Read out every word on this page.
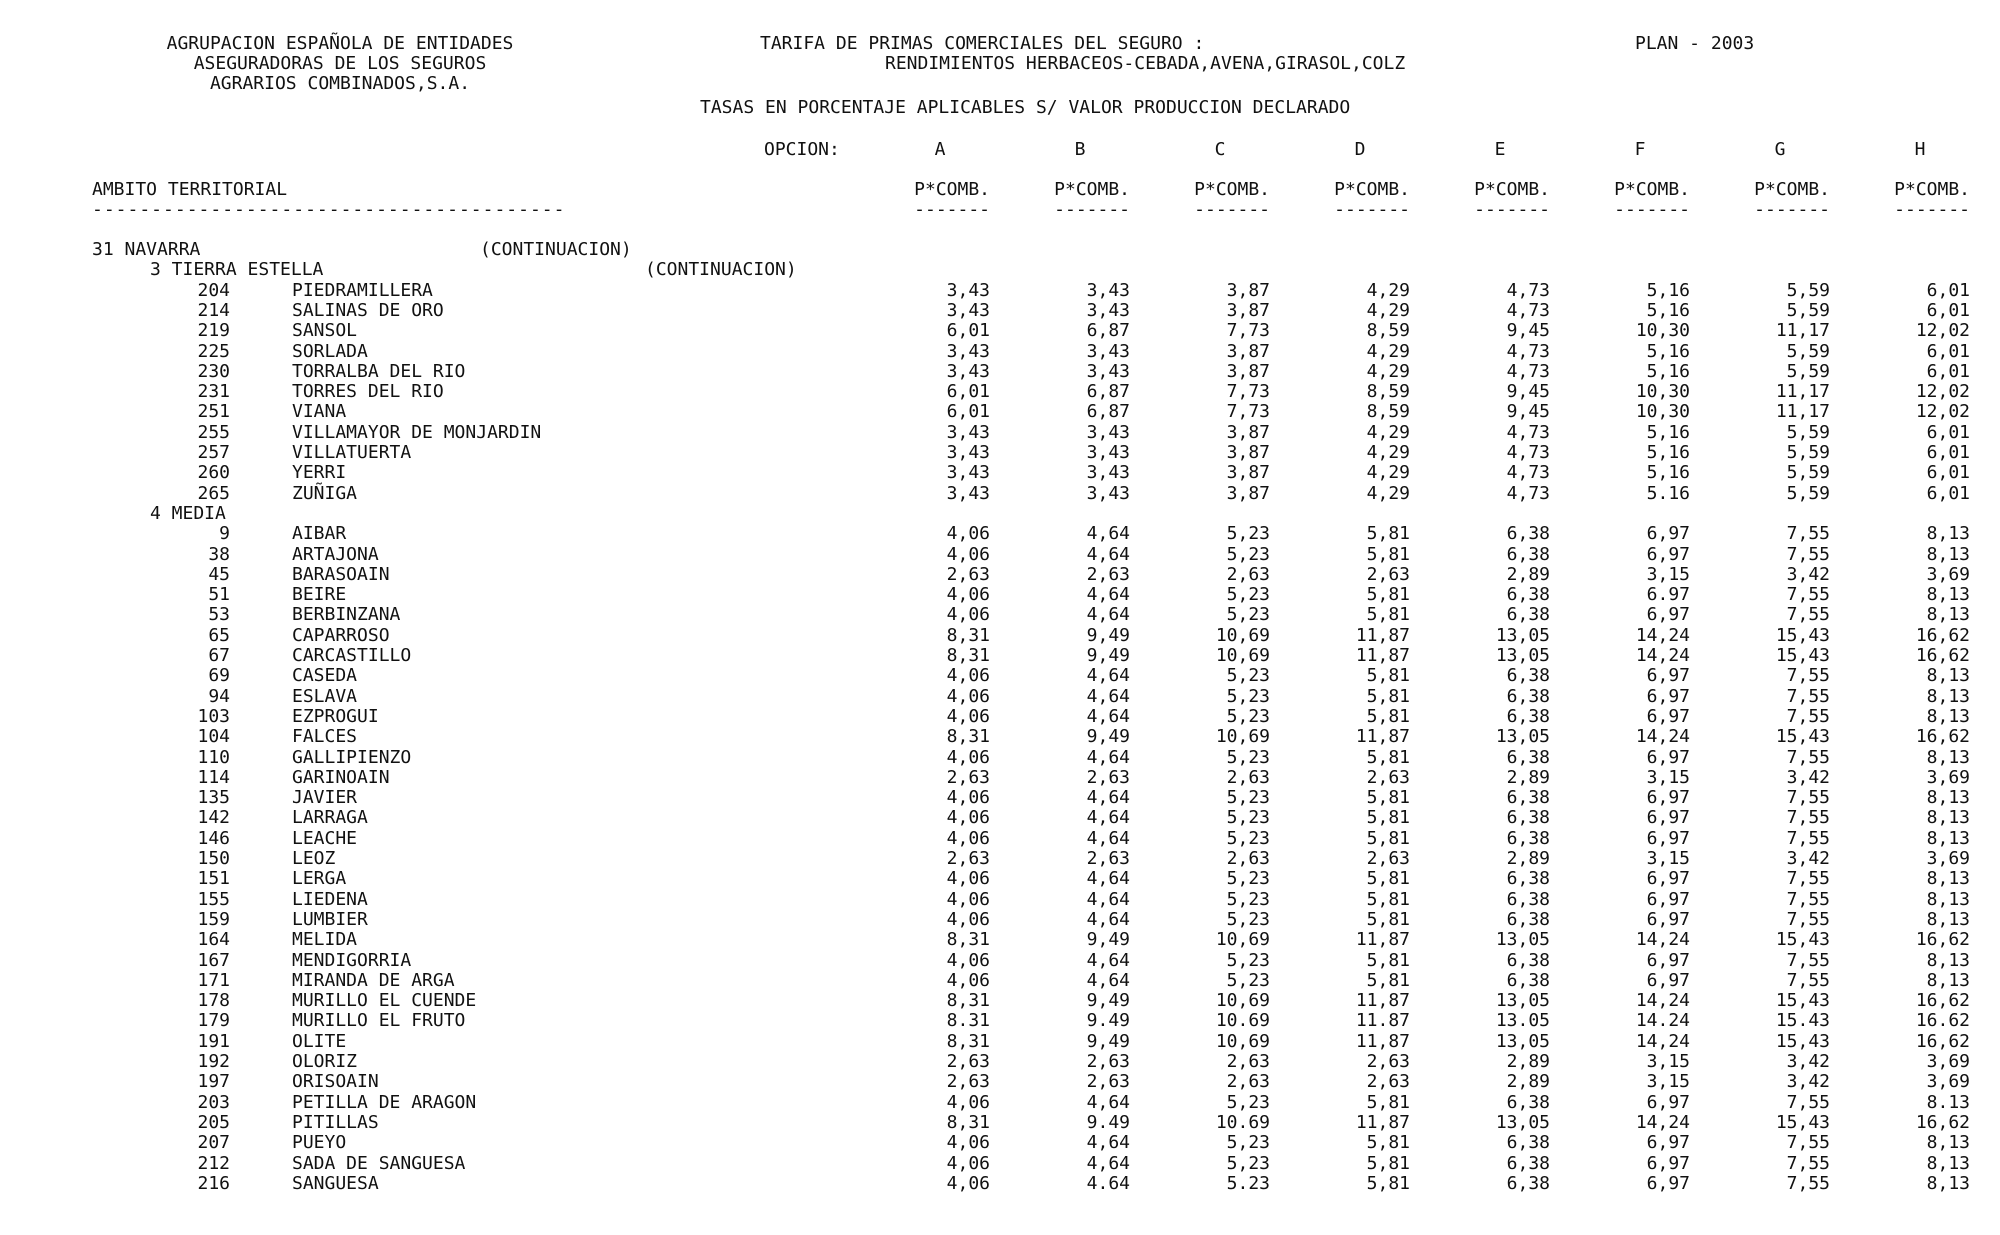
AGRUPACION ESPAÑOLA DE ENTIDADES
ASEGURADORAS DE LOS SEGUROS
AGRARIOS COMBINADOS,S.A.
TARIFA DE PRIMAS COMERCIALES DEL SEGURO :	PLAN - 2003
RENDIMIENTOS HERBACEOS-CEBADA,AVENA,GIRASOL,COLZ
TASAS EN PORCENTAJE APLICABLES S/ VALOR PRODUCCION DECLARADO
OPCION:	A	B	C	D	E	F	G	H
AMBITO TERRITORIAL	P*COMB.	P*COMB.	P*COMB.	P*COMB.	P*COMB.	P*COMB.	P*COMB.	P*COMB.
----------------------------------------	-------	-------	-------	-------	-------	-------	-------	-------
31 NAVARRA	(CONTINUACION)
3 TIERRA ESTELLA	(CONTINUACION)
204	PIEDRAMILLERA	3,43	3,43	3,87	4,29	4,73	5,16	5,59	6,01
214	SALINAS DE ORO	3,43	3,43	3,87	4,29	4,73	5,16	5,59	6,01
219	SANSOL	6,01	6,87	7,73	8,59	9,45	10,30	11,17	12,02
225	SORLADA	3,43	3,43	3,87	4,29	4,73	5,16	5,59	6,01
230	TORRALBA DEL RIO	3,43	3,43	3,87	4,29	4,73	5,16	5,59	6,01
231	TORRES DEL RIO	6,01	6,87	7,73	8,59	9,45	10,30	11,17	12,02
251	VIANA	6,01	6,87	7,73	8,59	9,45	10,30	11,17	12,02
255	VILLAMAYOR DE MONJARDIN	3,43	3,43	3,87	4,29	4,73	5,16	5,59	6,01
257	VILLATUERTA	3,43	3,43	3,87	4,29	4,73	5,16	5,59	6,01
260	YERRI	3,43	3,43	3,87	4,29	4,73	5,16	5,59	6,01
265	ZUÑIGA	3,43	3,43	3,87	4,29	4,73	5.16	5,59	6,01
4 MEDIA
9	AIBAR	4,06	4,64	5,23	5,81	6,38	6,97	7,55	8,13
38	ARTAJONA	4,06	4,64	5,23	5,81	6,38	6,97	7,55	8,13
45	BARASOAIN	2,63	2,63	2,63	2,63	2,89	3,15	3,42	3,69
51	BEIRE	4,06	4,64	5,23	5,81	6,38	6.97	7,55	8,13
53	BERBINZANA	4,06	4,64	5,23	5,81	6,38	6,97	7,55	8,13
65	CAPARROSO	8,31	9,49	10,69	11,87	13,05	14,24	15,43	16,62
67	CARCASTILLO	8,31	9,49	10,69	11,87	13,05	14,24	15,43	16,62
69	CASEDA	4,06	4,64	5,23	5,81	6,38	6,97	7,55	8,13
94	ESLAVA	4,06	4,64	5,23	5,81	6,38	6,97	7,55	8,13
103	EZPROGUI	4,06	4,64	5,23	5,81	6,38	6,97	7,55	8,13
104	FALCES	8,31	9,49	10,69	11,87	13,05	14,24	15,43	16,62
110	GALLIPIENZO	4,06	4,64	5,23	5,81	6,38	6,97	7,55	8,13
114	GARINOAIN	2,63	2,63	2,63	2,63	2,89	3,15	3,42	3,69
135	JAVIER	4,06	4,64	5,23	5,81	6,38	6,97	7,55	8,13
142	LARRAGA	4,06	4,64	5,23	5,81	6,38	6,97	7,55	8,13
146	LEACHE	4,06	4,64	5,23	5,81	6,38	6,97	7,55	8,13
150	LEOZ	2,63	2,63	2,63	2,63	2,89	3,15	3,42	3,69
151	LERGA	4,06	4,64	5,23	5,81	6,38	6,97	7,55	8,13
155	LIEDENA	4,06	4,64	5,23	5,81	6,38	6,97	7,55	8,13
159	LUMBIER	4,06	4,64	5,23	5,81	6,38	6,97	7,55	8,13
164	MELIDA	8,31	9,49	10,69	11,87	13,05	14,24	15,43	16,62
167	MENDIGORRIA	4,06	4,64	5,23	5,81	6,38	6,97	7,55	8,13
171	MIRANDA DE ARGA	4,06	4,64	5,23	5,81	6,38	6,97	7,55	8,13
178	MURILLO EL CUENDE	8,31	9,49	10,69	11,87	13,05	14,24	15,43	16,62
179	MURILLO EL FRUTO	8.31	9.49	10.69	11.87	13.05	14.24	15.43	16.62
191	OLITE	8,31	9,49	10,69	11,87	13,05	14,24	15,43	16,62
192	OLORIZ	2,63	2,63	2,63	2,63	2,89	3,15	3,42	3,69
197	ORISOAIN	2,63	2,63	2,63	2,63	2,89	3,15	3,42	3,69
203	PETILLA DE ARAGON	4,06	4,64	5,23	5,81	6,38	6,97	7,55	8.13
205	PITILLAS	8,31	9.49	10.69	11,87	13,05	14,24	15,43	16,62
207	PUEYO	4,06	4,64	5,23	5,81	6,38	6,97	7,55	8,13
212	SADA DE SANGUESA	4,06	4,64	5,23	5,81	6,38	6,97	7,55	8,13
216	SANGUESA	4,06	4.64	5.23	5,81	6,38	6,97	7,55	8,13
